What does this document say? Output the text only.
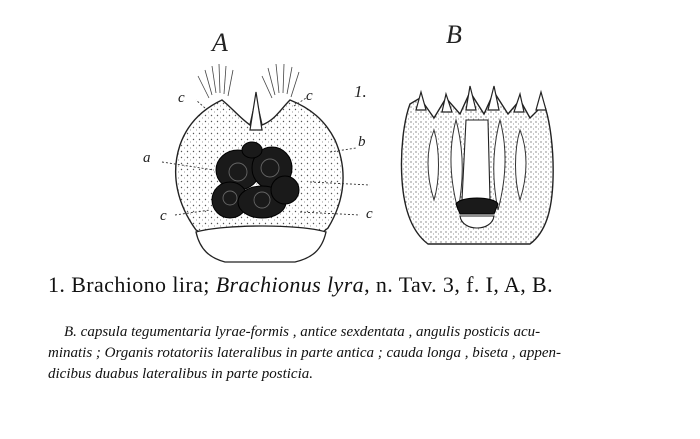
A	B
1.
c	c
a
b
c	c
1. Brachiono lira; Brachionus lyra, n. Tav. 3, f. I, A, B.
B. capsula tegumentaria lyrae-formis , antice sexdentata , angulis posticis acu-
minatis ; Organis rotatoriis lateralibus in parte antica ; cauda longa , biseta , appen-
dicibus duabus lateralibus in parte posticia.
